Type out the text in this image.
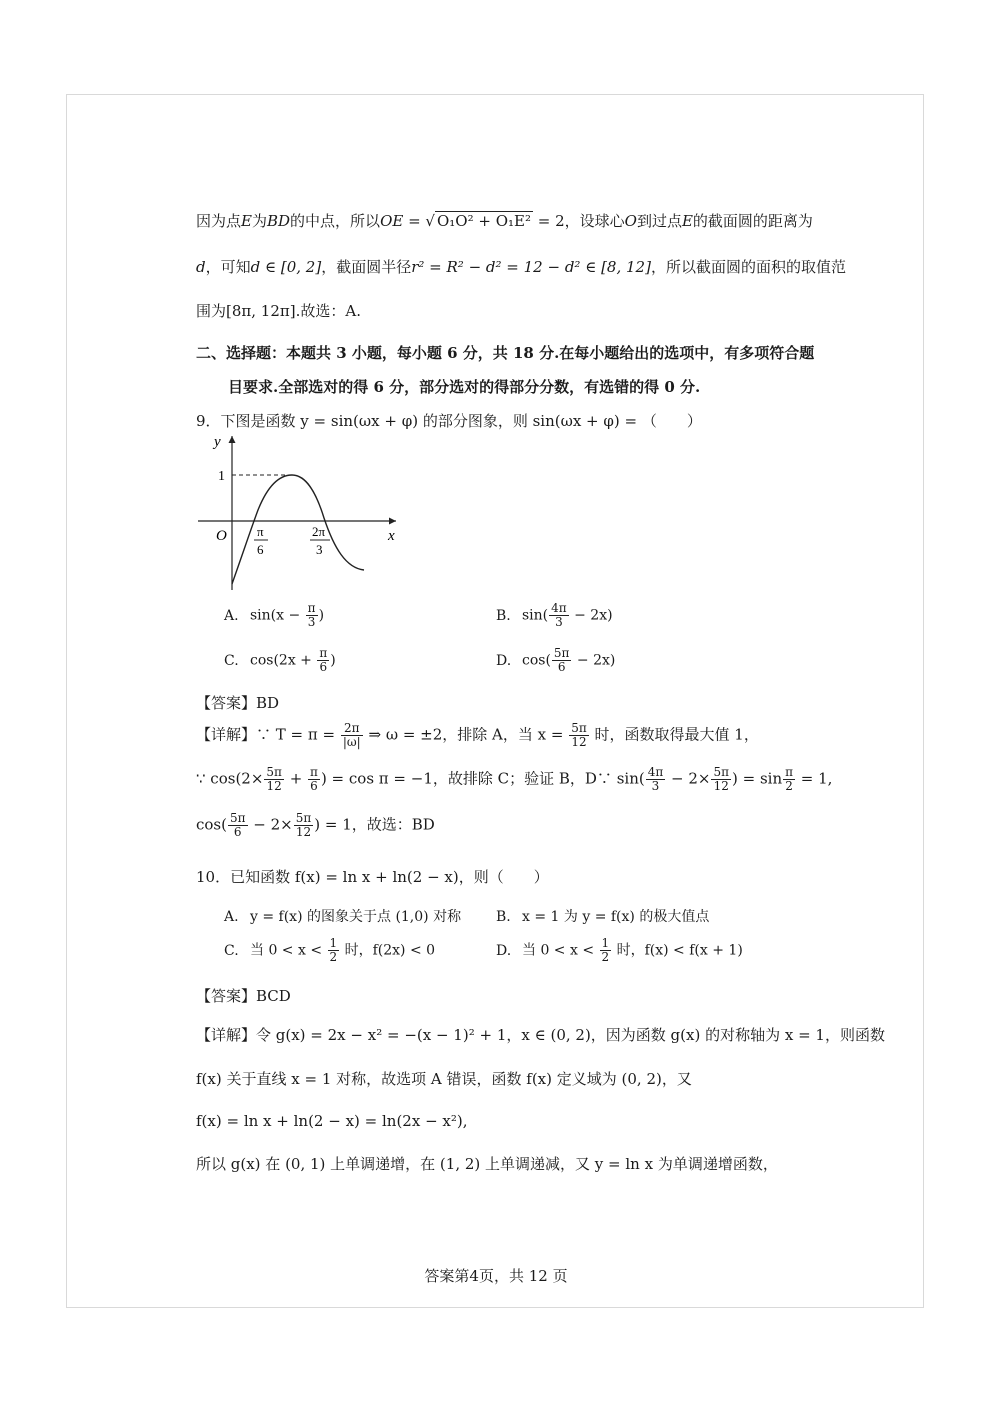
因为点E为BD的中点，所以OE = √ O₁O² + O₁E² = 2，设球心O到过点E的截面圆的距离为
d，可知d ∈ [0, 2]，截面圆半径r² = R² − d² = 12 − d² ∈ [8, 12]，所以截面圆的面积的取值范
围为[8π, 12π].故选：A.
二、选择题：本题共 3 小题，每小题 6 分，共 18 分.在每小题给出的选项中，有多项符合题
目要求.全部选对的得 6 分，部分选对的得部分分数，有选错的得 0 分.
9．下图是函数 y = sin(ωx + φ) 的部分图象，则 sin(ωx + φ) = （　　）
y
x
O
1
π
6
2π
3
A. $\sin(x - \frac{\pi}{3}$ )	B. $\sin( \frac{4\pi}{3} - 2x)$
C. $\cos(2x + \frac{\pi}{6}$ )	D. $\cos( \frac{5\pi}{6} - 2x)$
【答案】BD
【详解】∵ $T = \pi = \frac{2\pi}{|\omega|}$ ⇒ ω = ±2，排除 A，当 $x = \frac{5\pi}{12}$ 时，函数取得最大值 1，
∵ $\cos(2\times \frac{5\pi}{12} + \frac{\pi}{6}$ ) = cos π = −1，故排除 C；验证 B，D∵ $\sin( \frac{4\pi}{3} - 2\times \frac{5\pi}{12}$ ) = $\sin \frac{\pi}{2} = 1$,
$\cos( \frac{5\pi}{6} - 2\times \frac{5\pi}{12}$ ) = 1，故选：BD
10．已知函数 f(x) = ln x + ln(2 − x)，则（　　）
A. y = f(x) 的图象关于点 (1,0) 对称 B. x = 1 为 y = f(x) 的极大值点
C. 当 $0 < x < \frac{1}{2}$ 时，f(2x) < 0	D. 当 $0 < x < \frac{1}{2}$ 时，f(x) < f(x + 1)
【答案】BCD
【详解】令 g(x) = 2x − x² = −(x − 1)² + 1，x ∈ (0, 2)，因为函数 g(x) 的对称轴为 x = 1，则函数
f(x) 关于直线 x = 1 对称，故选项 A 错误，函数 f(x) 定义域为 (0, 2)，又
f(x) = ln x + ln(2 − x) = ln(2x − x²),
所以 g(x) 在 (0, 1) 上单调递增，在 (1, 2) 上单调递减，又 y = ln x 为单调递增函数，
答案第4页，共 12 页
